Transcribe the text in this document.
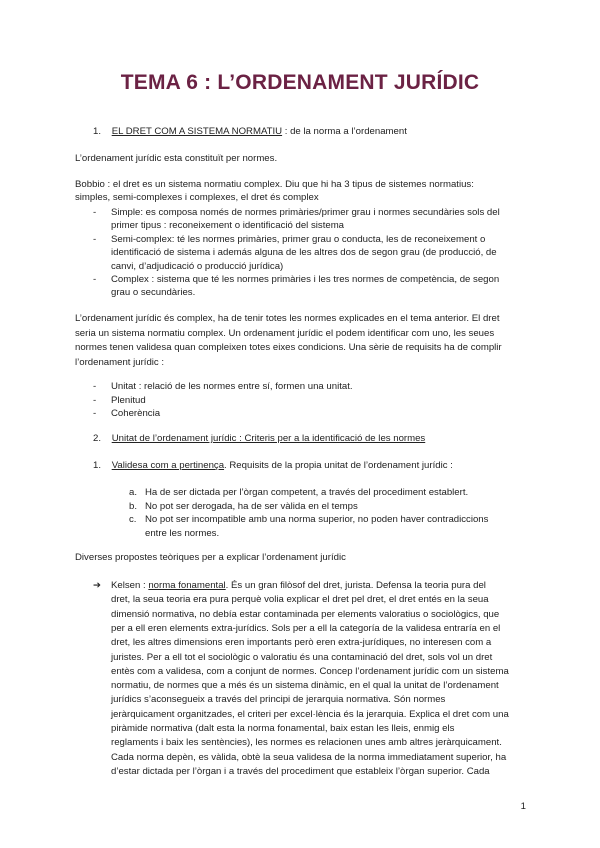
TEMA 6 : L’ORDENAMENT JURÍDIC
1. EL DRET COM A SISTEMA NORMATIU : de la norma a l’ordenament
L’ordenament jurídic esta constituït per normes.
Bobbio : el dret es un sistema normatiu complex. Diu que hi ha 3 tipus de sistemes normatius:
simples, semi-complexes i complexes, el dret és complex
- Simple: es composa només de normes primàries/primer grau i normes secundàries sols del
primer tipus : reconeixement o identificació del sistema
- Semi-complex: té les normes primàries, primer grau o conducta, les de reconeixement o
identificació de sistema i además alguna de les altres dos de segon grau (de producció, de
canvi, d’adjudicació o producció jurídica)
- Complex : sistema que té les normes primàries i les tres normes de competència, de segon
grau o secundàries.
L’ordenament jurídic és complex, ha de tenir totes les normes explicades en el tema anterior. El dret
seria un sistema normatiu complex. Un ordenament jurídic el podem identificar com uno, les seues
normes tenen validesa quan compleixen totes eixes condicions. Una sèrie de requisits ha de complir
l’ordenament jurídic :
- Unitat : relació de les normes entre sí, formen una unitat.
- Plenitud
- Coherència
2. Unitat de l’ordenament jurídic : Criteris per a la identificació de les normes
1. Validesa com a pertinença. Requisits de la propia unitat de l’ordenament jurídic :
a. Ha de ser dictada per l’òrgan competent, a través del procediment establert.
b. No pot ser derogada, ha de ser vàlida en el temps
c. No pot ser incompatible amb una norma superior, no poden haver contradiccions
entre les normes.
Diverses propostes teòriques per a explicar l’ordenament jurídic
➔ Kelsen : norma fonamental. És un gran filòsof del dret, jurista. Defensa la teoria pura del
dret, la seua teoria era pura perquè volia explicar el dret pel dret, el dret entés en la seua
dimensió normativa, no debía estar contaminada per elements valoratius o sociològics, que
per a ell eren elements extra-jurídics. Sols per a ell la categoría de la validesa entraría en el
dret, les altres dimensions eren importants però eren extra-jurídiques, no interesen com a
juristes. Per a ell tot el sociològic o valoratiu és una contaminació del dret, sols vol un dret
entès com a validesa, com a conjunt de normes. Concep l’ordenament jurídic com un sistema
normatiu, de normes que a més és un sistema dinàmic, en el qual la unitat de l’ordenament
jurídics s’aconsegueix a través del principi de jerarquia normativa. Són normes
jeràrquicament organitzades, el criteri per excel·lència és la jerarquia. Explica el dret com una
piràmide normativa (dalt esta la norma fonamental, baix estan les lleis, enmig els
reglaments i baix les sentències), les normes es relacionen unes amb altres jeràrquicament.
Cada norma depèn, es vàlida, obtè la seua validesa de la norma immediatament superior, ha
d’estar dictada per l’òrgan i a través del procediment que estableix l’òrgan superior. Cada
1
